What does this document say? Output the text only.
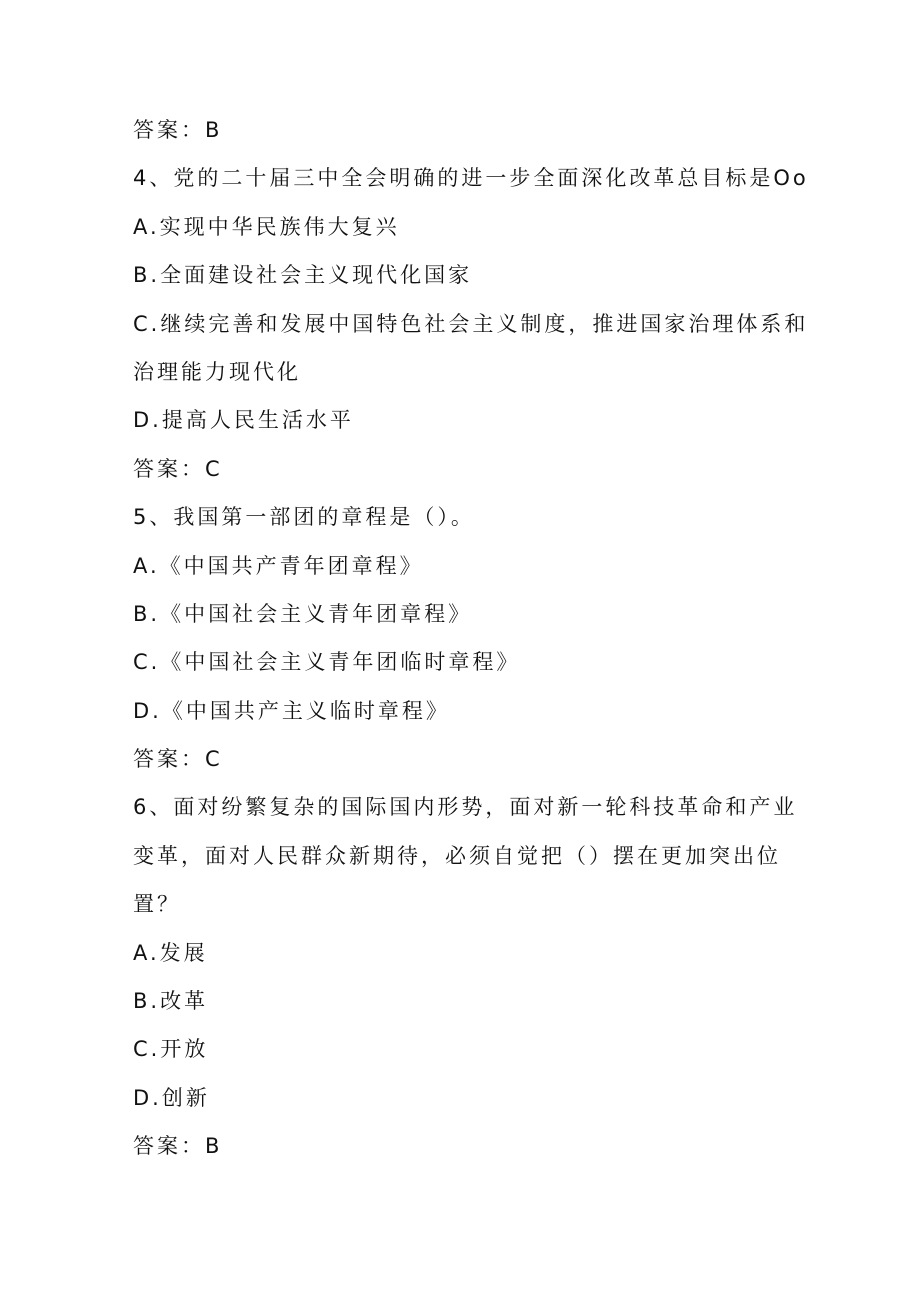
答案：B

4、党的二十届三中全会明确的进一步全面深化改革总目标是Oo

A.实现中华民族伟大复兴

B.全面建设社会主义现代化国家

C.继续完善和发展中国特色社会主义制度，推进国家治理体系和

治理能力现代化

D.提高人民生活水平

答案：C

5、我国第一部团的章程是（）。

A.《中国共产青年团章程》

B.《中国社会主义青年团章程》

C.《中国社会主义青年团临时章程》

D.《中国共产主义临时章程》

答案：C

6、面对纷繁复杂的国际国内形势，面对新一轮科技革命和产业

变革，面对人民群众新期待，必须自觉把（）摆在更加突出位

置？

A.发展

B.改革

C.开放

D.创新

答案：B
